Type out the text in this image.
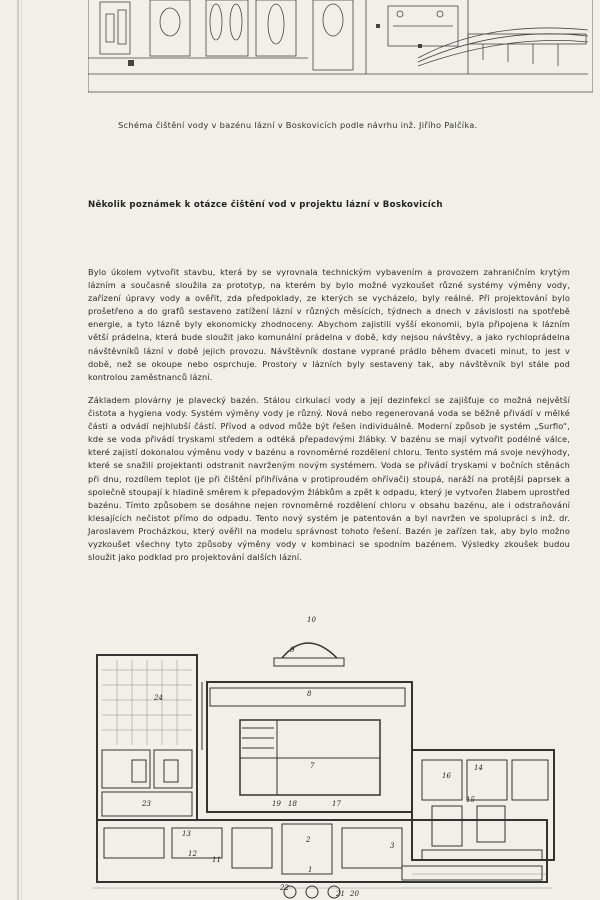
Schéma čištění vody v bazénu lázní v Boskovicích podle návrhu inž. Jiřího Palčíka.
Několik poznámek k otázce čištění vod v projektu lázní v Boskovicích
Bylo úkolem vytvořit stavbu, která by se vyrovnala technickým vybavením a provozem zahraničním krytým lázním a současně sloužila za prototyp, na kterém by bylo možné vyzkoušet různé systémy výměny vody, zařízení úpravy vody a ověřit, zda předpoklady, ze kterých se vycházelo, byly reálné. Při projektování bylo prošetřeno a do grafů sestaveno zatížení lázní v různých měsících, týdnech a dnech v závislosti na spotřebě energie, a tyto lázně byly ekonomicky zhodnoceny. Abychom zajistili vyšší ekonomii, byla připojena k lázním větší prádelna, která bude sloužit jako komunální prádelna v době, kdy nejsou návštěvy, a jako rychloprádelna návštěvníků lázní v době jejich provozu. Návštěvník dostane vyprané prádlo během dvaceti minut, to jest v době, než se okoupe nebo osprchuje. Prostory v lázních byly sestaveny tak, aby návštěvník byl stále pod kontrolou zaměstnanců lázní.
Základem plovárny je plavecký bazén. Stálou cirkulací vody a její dezinfekcí se zajišťuje co možná největší čistota a hygiena vody. Systém výměny vody je různý. Nová nebo regenerovaná voda se běžně přivádí v mělké části a odvádí nejhlubší částí. Přívod a odvod může být řešen individuálně. Moderní způsob je systém „Surflo“, kde se voda přivádí tryskami středem a odtéká přepadovými žlábky. V bazénu se mají vytvořit podélné válce, které zajistí dokonalou výměnu vody v bazénu a rovnoměrné rozdělení chloru. Tento systém má svoje nevýhody, které se snažili projektanti odstranit navrženým novým systémem. Voda se přivádí tryskami v bočních stěnách při dnu, rozdílem teplot (je při čištění přihřívána v protiproudém ohřívači) stoupá, naráží na protější paprsek a společně stoupají k hladině směrem k přepadovým žlábkům a zpět k odpadu, který je vytvořen žlabem uprostřed bazénu. Tímto způsobem se dosáhne nejen rovnoměrné rozdělení chloru v obsahu bazénu, ale i odstraňování klesajících nečistot přímo do odpadu. Tento nový systém je patentován a byl navržen ve spolupráci s inž. dr. Jaroslavem Procházkou, který ověřil na modelu správnost tohoto řešení. Bazén je zařízen tak, aby bylo možno vyzkoušet všechny tyto způsoby výměny vody v kombinaci se spodním bazénem. Výsledky zkoušek budou sloužit jako podklad pro projektování dalších lázní.
10
9
8
24
7
23	19 18	17
16
15
14
13
12
11
3
2
1
22
21 20
